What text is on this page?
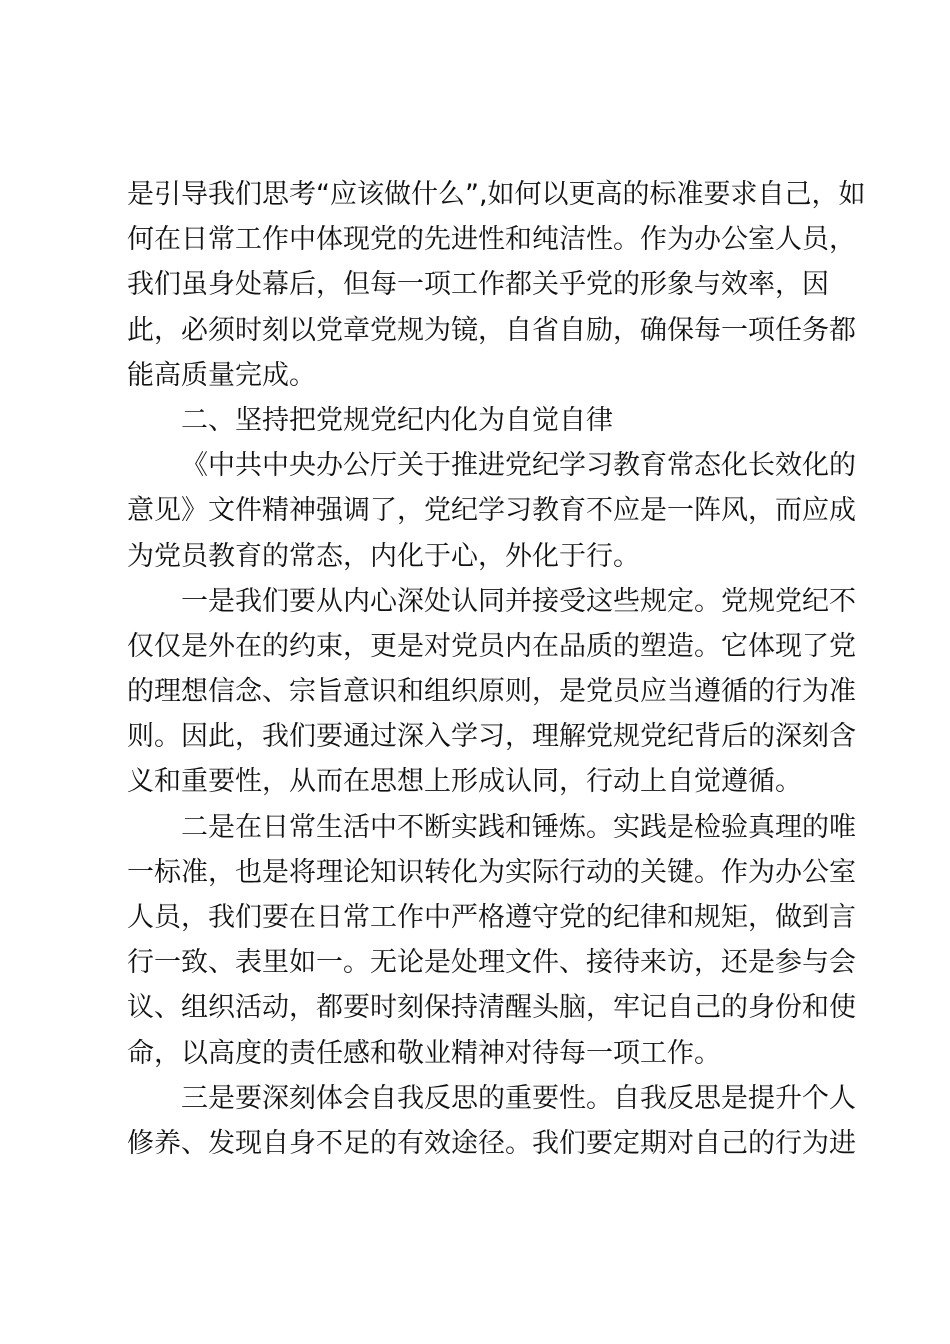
是引导我们思考“应该做什么”,如何以更高的标准要求自己，如
何在日常工作中体现党的先进性和纯洁性。作为办公室人员，
我们虽身处幕后，但每一项工作都关乎党的形象与效率，因
此，必须时刻以党章党规为镜，自省自励，确保每一项任务都
能高质量完成。
二、坚持把党规党纪内化为自觉自律
《中共中央办公厅关于推进党纪学习教育常态化长效化的
意见》文件精神强调了，党纪学习教育不应是一阵风，而应成
为党员教育的常态，内化于心，外化于行。
一是我们要从内心深处认同并接受这些规定。党规党纪不
仅仅是外在的约束，更是对党员内在品质的塑造。它体现了党
的理想信念、宗旨意识和组织原则，是党员应当遵循的行为准
则。因此，我们要通过深入学习，理解党规党纪背后的深刻含
义和重要性，从而在思想上形成认同，行动上自觉遵循。
二是在日常生活中不断实践和锤炼。实践是检验真理的唯
一标准，也是将理论知识转化为实际行动的关键。作为办公室
人员，我们要在日常工作中严格遵守党的纪律和规矩，做到言
行一致、表里如一。无论是处理文件、接待来访，还是参与会
议、组织活动，都要时刻保持清醒头脑，牢记自己的身份和使
命，以高度的责任感和敬业精神对待每一项工作。
三是要深刻体会自我反思的重要性。自我反思是提升个人
修养、发现自身不足的有效途径。我们要定期对自己的行为进
